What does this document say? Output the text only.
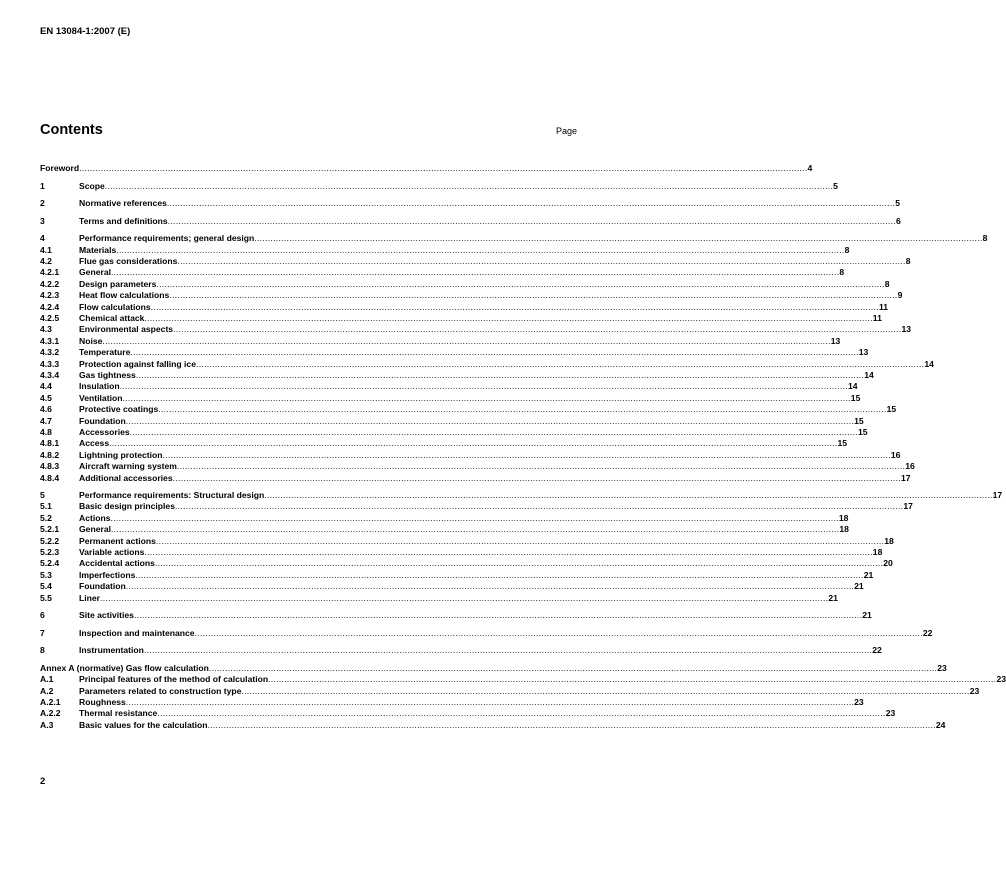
EN 13084-1:2007 (E)
Contents	Page
Foreword .....	4
1	Scope .....	5
2	Normative references .....	5
3	Terms and definitions .....	6
4	Performance requirements; general design .....	8
4.1	Materials .....	8
4.2	Flue gas considerations .....	8
4.2.1	General .....	8
4.2.2	Design parameters .....	8
4.2.3	Heat flow calculations .....	9
4.2.4	Flow calculations .....	11
4.2.5	Chemical attack .....	11
4.3	Environmental aspects .....	13
4.3.1	Noise .....	13
4.3.2	Temperature .....	13
4.3.3	Protection against falling ice .....	14
4.3.4	Gas tightness .....	14
4.4	Insulation .....	14
4.5	Ventilation .....	15
4.6	Protective coatings .....	15
4.7	Foundation .....	15
4.8	Accessories .....	15
4.8.1	Access .....	15
4.8.2	Lightning protection .....	16
4.8.3	Aircraft warning system .....	16
4.8.4	Additional accessories .....	17
5	Performance requirements: Structural design .....	17
5.1	Basic design principles .....	17
5.2	Actions .....	18
5.2.1	General .....	18
5.2.2	Permanent actions .....	18
5.2.3	Variable actions .....	18
5.2.4	Accidental actions .....	20
5.3	Imperfections .....	21
5.4	Foundation .....	21
5.5	Liner .....	21
6	Site activities .....	21
7	Inspection and maintenance .....	22
8	Instrumentation .....	22
Annex A (normative) Gas flow calculation .....	23
A.1	Principal features of the method of calculation .....	23
A.2	Parameters related to construction type .....	23
A.2.1	Roughness .....	23
A.2.2	Thermal resistance .....	23
A.3	Basic values for the calculation .....	24
2
